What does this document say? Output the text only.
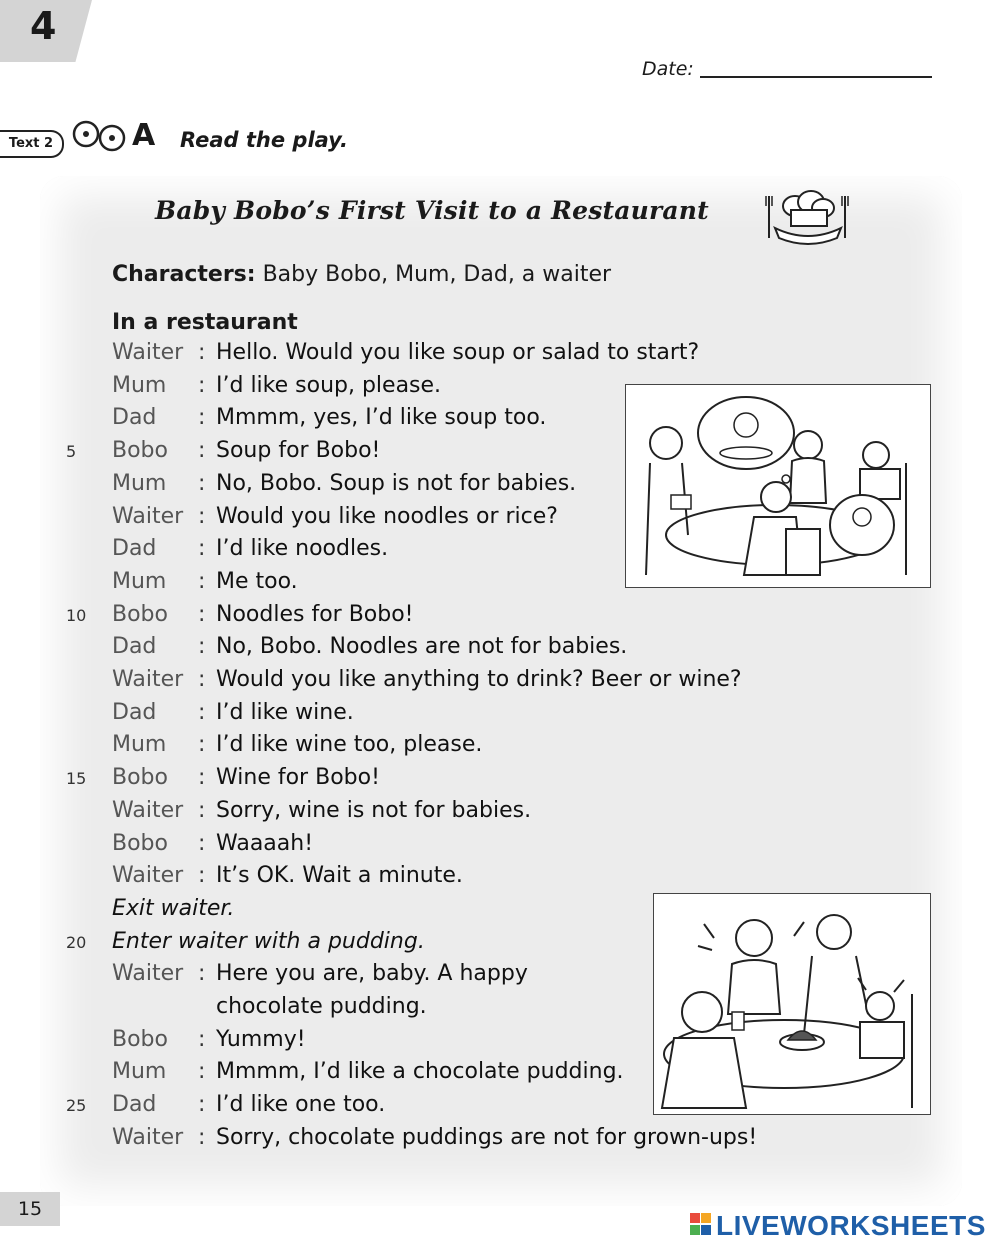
4
Date:
Text 2	A Read the play.
Baby Bobo’s First Visit to a Restaurant
Characters: Baby Bobo, Mum, Dad, a waiter
In a restaurant
Waiter : Hello. Would you like soup or salad to start?
Mum : I’d like soup, please.
Dad : Mmmm, yes, I’d like soup too.
5	Bobo : Soup for Bobo!
Mum : No, Bobo. Soup is not for babies.
Waiter : Would you like noodles or rice?
Dad : I’d like noodles.
Mum : Me too.
10 Bobo : Noodles for Bobo!
Dad : No, Bobo. Noodles are not for babies.
Waiter : Would you like anything to drink? Beer or wine?
Dad : I’d like wine.
Mum : I’d like wine too, please.
15 Bobo : Wine for Bobo!
Waiter : Sorry, wine is not for babies.
Bobo : Waaaah!
Waiter : It’s OK. Wait a minute.
Exit waiter.
20 Enter waiter with a pudding.
Waiter : Here you are, baby. A happy
chocolate pudding.
Bobo : Yummy!
Mum : Mmmm, I’d like a chocolate pudding.
25 Dad : I’d like one too.
Waiter : Sorry, chocolate puddings are not for grown-ups!
15
LIVEWORKSHEETS
